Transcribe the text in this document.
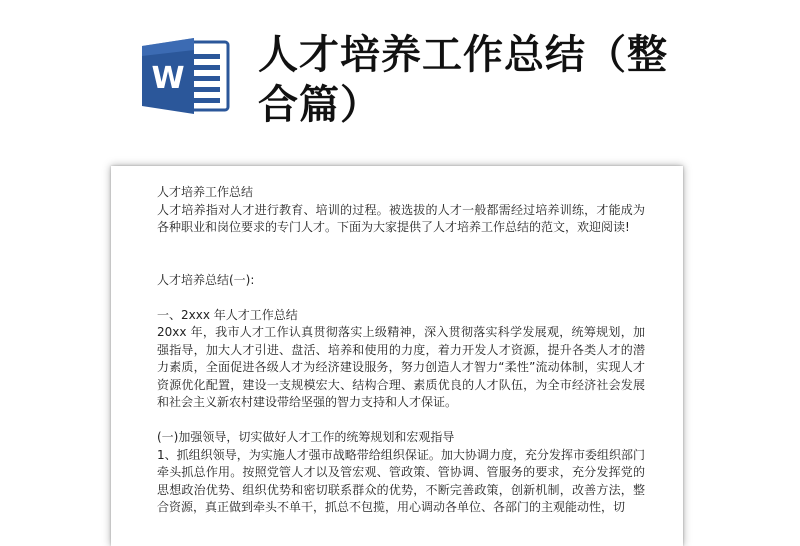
W
人才培养工作总结（整合篇）

人才培养工作总结

人才培养指对人才进行教育、培训的过程。被选拔的人才一般都需经过培养训练，才能成为各种职业和岗位要求的专门人才。下面为大家提供了人才培养工作总结的范文，欢迎阅读!

人才培养总结(一):

一、2xxx 年人才工作总结

20xx 年，我市人才工作认真贯彻落实上级精神，深入贯彻落实科学发展观，统筹规划，加强指导，加大人才引进、盘活、培养和使用的力度，着力开发人才资源，提升各类人才的潜力素质，全面促进各级人才为经济建设服务，努力创造人才智力“柔性”流动体制，实现人才资源优化配置，建设一支规模宏大、结构合理、素质优良的人才队伍，为全市经济社会发展和社会主义新农村建设带给坚强的智力支持和人才保证。

(一)加强领导，切实做好人才工作的统筹规划和宏观指导

1、抓组织领导，为实施人才强市战略带给组织保证。加大协调力度，充分发挥市委组织部门牵头抓总作用。按照党管人才以及管宏观、管政策、管协调、管服务的要求，充分发挥党的思想政治优势、组织优势和密切联系群众的优势，不断完善政策，创新机制，改善方法，整合资源，真正做到牵头不单干，抓总不包揽，用心调动各单位、各部门的主观能动性，切
